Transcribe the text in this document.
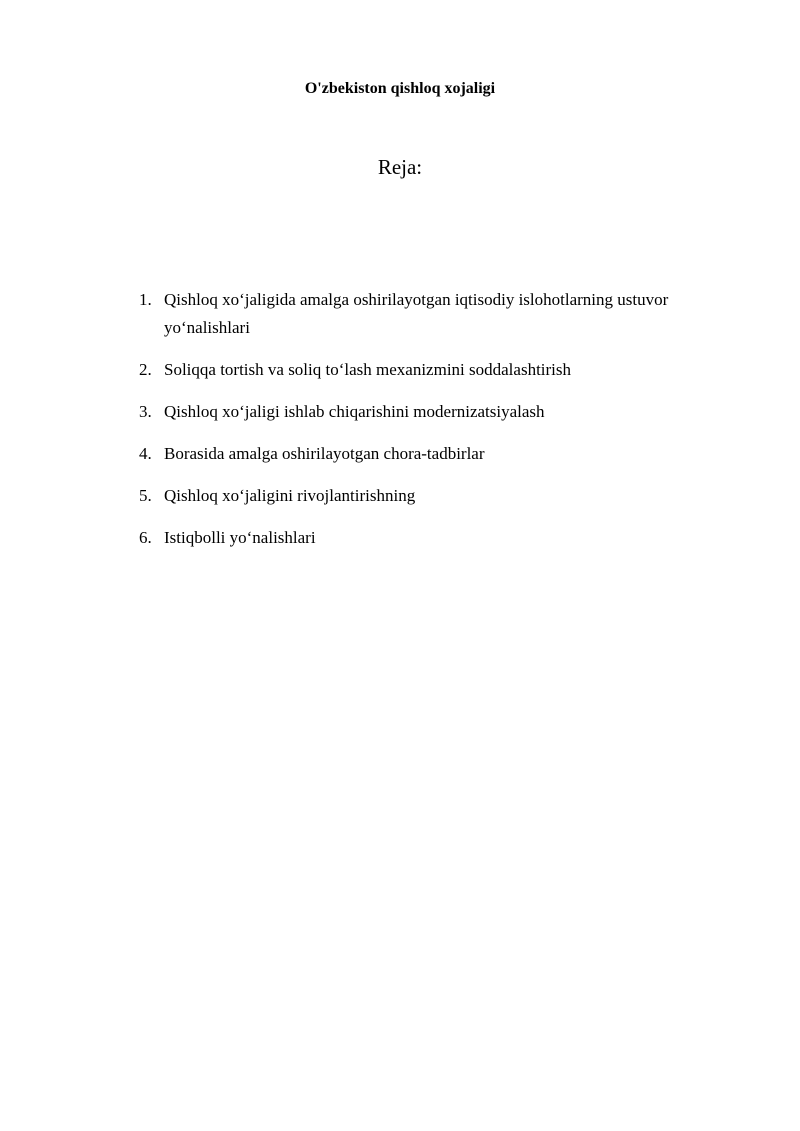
O'zbekiston qishloq xojaligi
Reja:
1. Qishloq xoʻjaligida amalga oshirilayotgan iqtisodiy islohotlarning ustuvor yoʻnalishlari
2. Soliqqa tortish va soliq toʻlash mexanizmini soddalashtirish
3. Qishloq xoʻjaligi ishlab chiqarishini modernizatsiyalash
4. Borasida amalga oshirilayotgan chora-tadbirlar
5. Qishloq xoʻjaligini rivojlantirishning
6. Istiqbolli yoʻnalishlari
